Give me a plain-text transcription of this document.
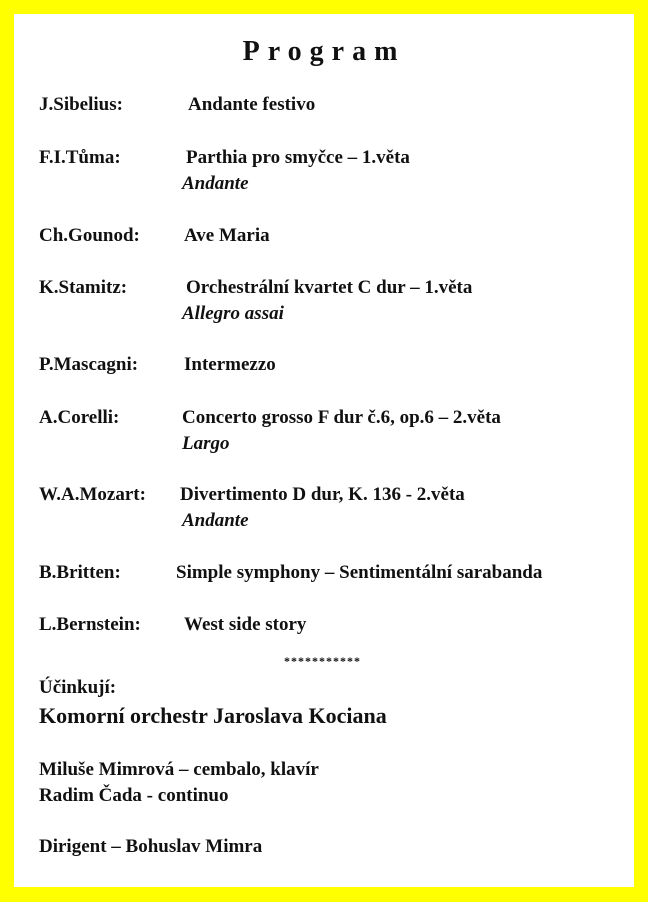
Program
J.Sibelius:	Andante festivo
F.I.Tůma:	Parthia pro smyčce – 1.věta
Andante
Ch.Gounod: Ave Maria
K.Stamitz:	Orchestrální kvartet C dur – 1.věta
Allegro assai
P.Mascagni: Intermezzo
A.Corelli:	Concerto grosso F dur č.6, op.6 – 2.věta
Largo
W.A.Mozart: Divertimento D dur, K. 136 - 2.věta
Andante
B.Britten:	Simple symphony – Sentimentální sarabanda
L.Bernstein: West side story
***********
Účinkují:
Komorní orchestr Jaroslava Kociana
Miluše Mimrová – cembalo, klavír
Radim Čada - continuo
Dirigent – Bohuslav Mimra
